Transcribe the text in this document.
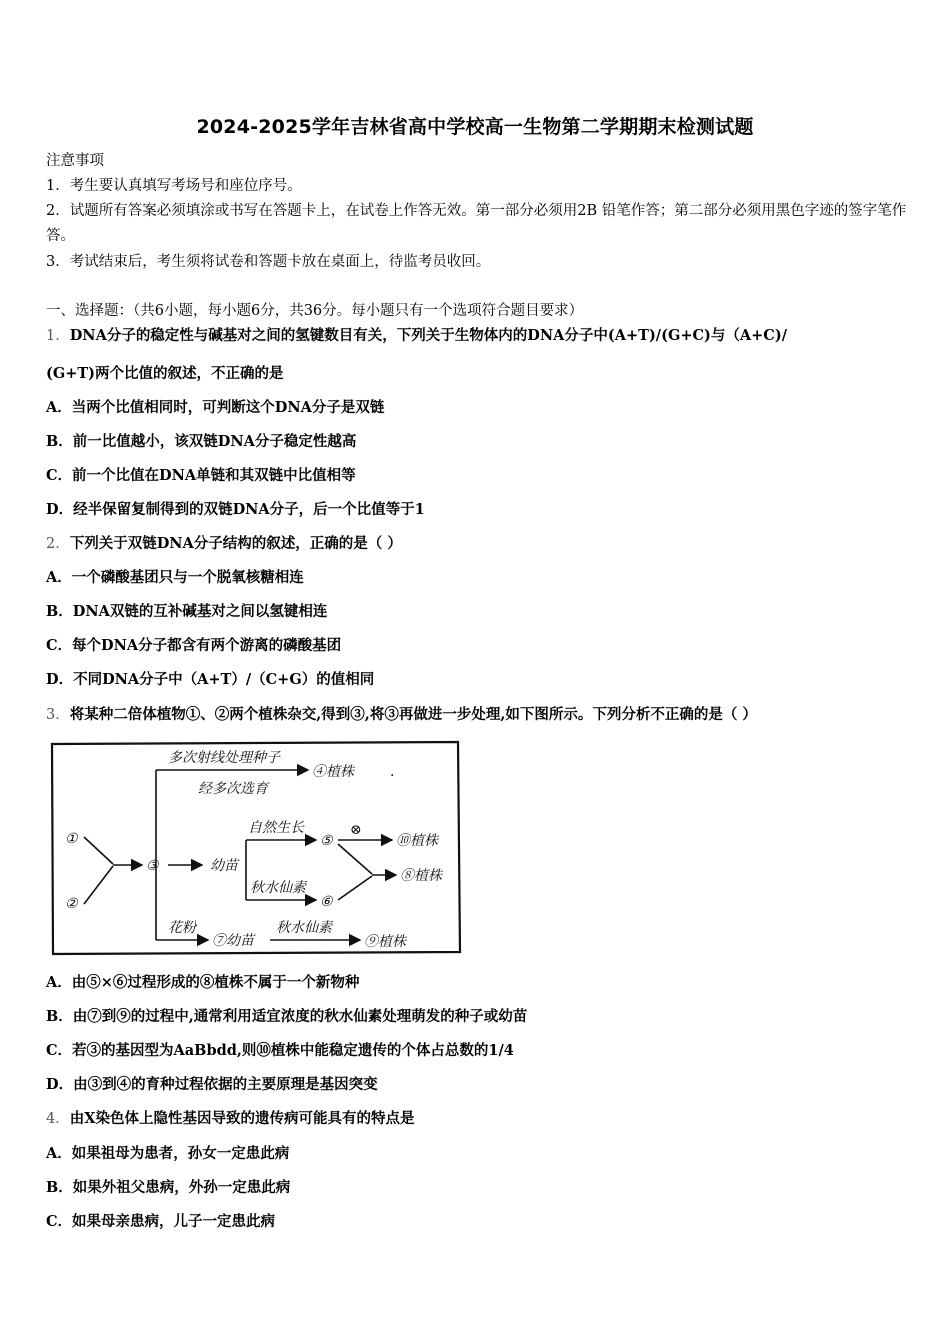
2024-2025学年吉林省高中学校高一生物第二学期期末检测试题
注意事项
1．考生要认真填写考场号和座位序号。
2．试题所有答案必须填涂或书写在答题卡上，在试卷上作答无效。第一部分必须用2B 铅笔作答；第二部分必须用黑色字迹的签字笔作答。
3．考试结束后，考生须将试卷和答题卡放在桌面上，待监考员收回。
一、选择题：（共6小题，每小题6分，共36分。每小题只有一个选项符合题目要求）
1．DNA分子的稳定性与碱基对之间的氢键数目有关，下列关于生物体内的DNA分子中(A+T)/(G+C)与（A+C)/
(G+T)两个比值的叙述，不正确的是
A．当两个比值相同时，可判断这个DNA分子是双链
B．前一比值越小，该双链DNA分子稳定性越高
C．前一个比值在DNA单链和其双链中比值相等
D．经半保留复制得到的双链DNA分子，后一个比值等于1
2．下列关于双链DNA分子结构的叙述，正确的是（ ）
A．一个磷酸基团只与一个脱氧核糖相连
B．DNA双链的互补碱基对之间以氢键相连
C．每个DNA分子都含有两个游离的磷酸基团
D．不同DNA分子中（A+T）/（C+G）的值相同
3．将某种二倍体植物①、②两个植株杂交,得到③,将③再做进一步处理,如下图所示。下列分析不正确的是（ ）
①
②
③
多次射线处理种子
④植株	.
经多次选育
幼苗
自然生长
⑤
秋水仙素
⑥
⊗
⑩植株
⑧植株
花粉
⑦幼苗
秋水仙素
⑨植株
A．由⑤×⑥过程形成的⑧植株不属于一个新物种
B．由⑦到⑨的过程中,通常利用适宜浓度的秋水仙素处理萌发的种子或幼苗
C．若③的基因型为AaBbdd,则⑩植株中能稳定遗传的个体占总数的1/4
D．由③到④的育种过程依据的主要原理是基因突变
4．由X染色体上隐性基因导致的遗传病可能具有的特点是
A．如果祖母为患者，孙女一定患此病
B．如果外祖父患病，外孙一定患此病
C．如果母亲患病，儿子一定患此病
